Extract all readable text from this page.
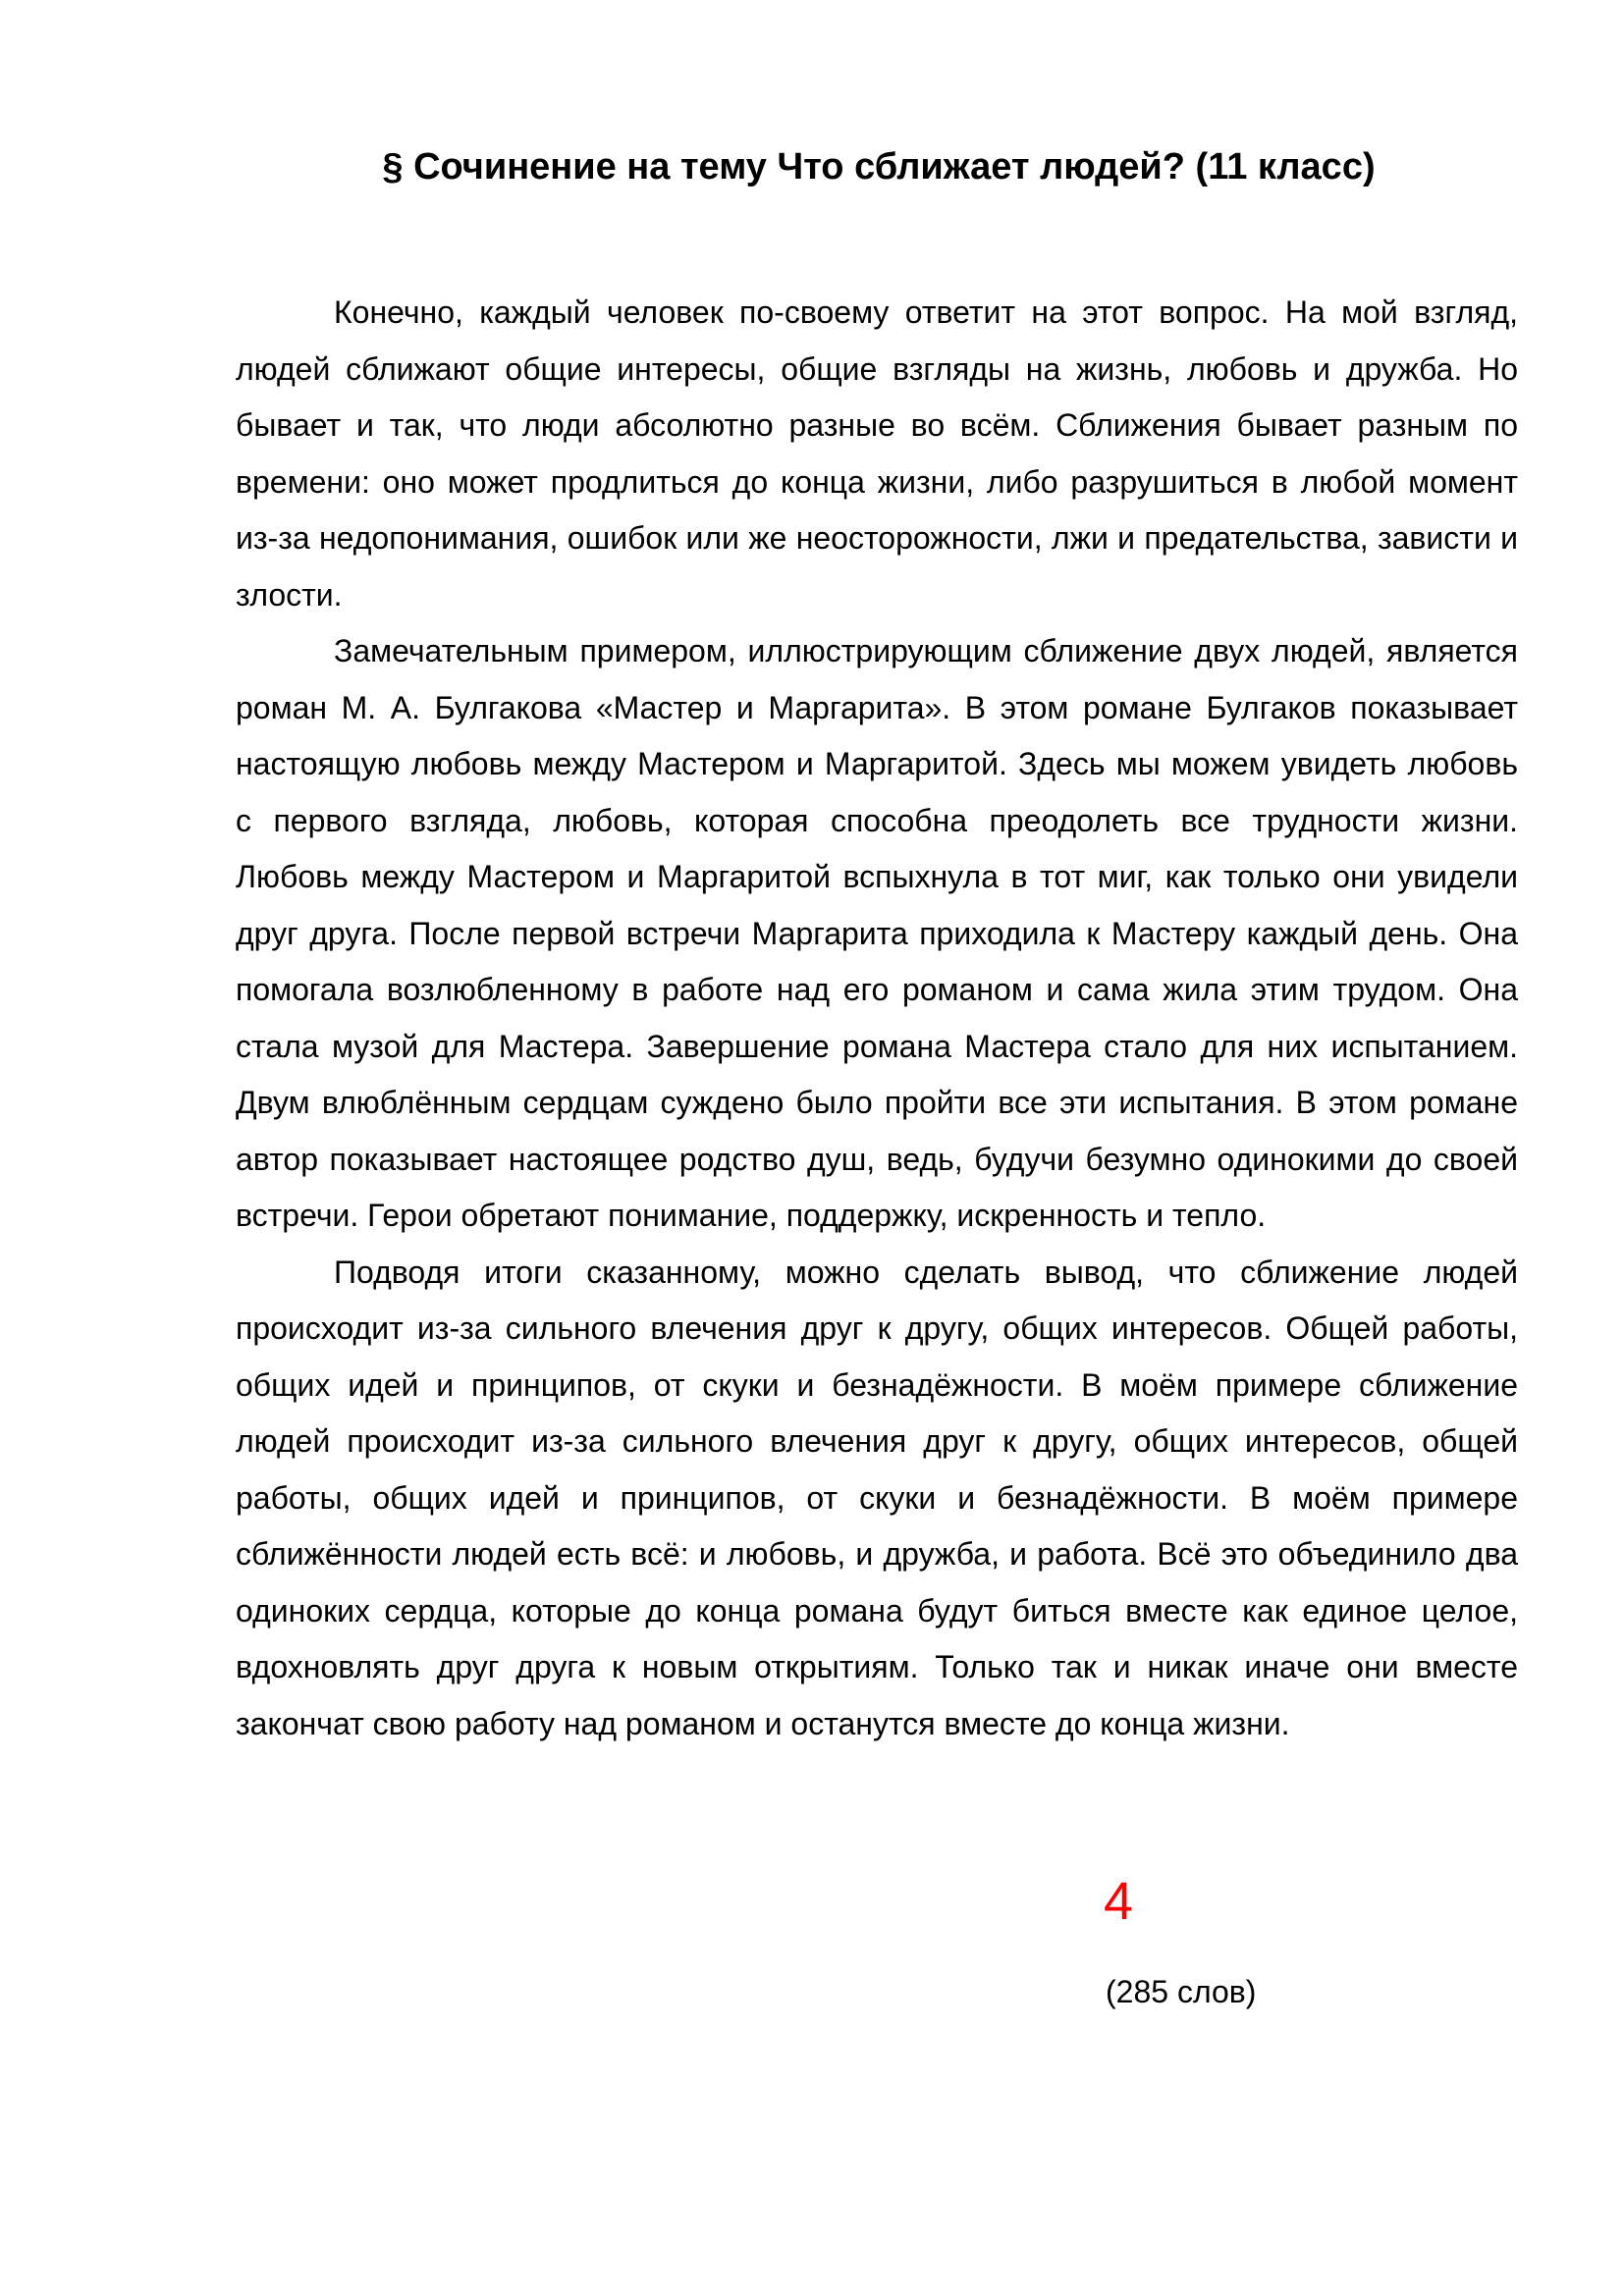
§ Сочинение на тему Что сближает людей? (11 класс)

Конечно, каждый человек по-своему ответит на этот вопрос. На мой взгляд, людей сближают общие интересы, общие взгляды на жизнь, любовь и дружба. Но бывает и так, что люди абсолютно разные во всём. Сближения бывает разным по времени: оно может продлиться до конца жизни, либо разрушиться в любой момент из-за недопонимания, ошибок или же неосторожности, лжи и предательства, зависти и злости.

Замечательным примером, иллюстрирующим сближение двух людей, является роман М. А. Булгакова «Мастер и Маргарита». В этом романе Булгаков показывает настоящую любовь между Мастером и Маргаритой. Здесь мы можем увидеть любовь с первого взгляда, любовь, которая способна преодолеть все трудности жизни. Любовь между Мастером и Маргаритой вспыхнула в тот миг, как только они увидели друг друга. После первой встречи Маргарита приходила к Мастеру каждый день. Она помогала возлюбленному в работе над его романом и сама жила этим трудом. Она стала музой для Мастера. Завершение романа Мастера стало для них испытанием. Двум влюблённым сердцам суждено было пройти все эти испытания. В этом романе автор показывает настоящее родство душ, ведь, будучи безумно одинокими до своей встречи. Герои обретают понимание, поддержку, искренность и тепло.

Подводя итоги сказанному, можно сделать вывод, что сближение людей происходит из-за сильного влечения друг к другу, общих интересов. Общей работы, общих идей и принципов, от скуки и безнадёжности. В моём примере сближение людей происходит из-за сильного влечения друг к другу, общих интересов, общей работы, общих идей и принципов, от скуки и безнадёжности. В моём примере сближённости людей есть всё: и любовь, и дружба, и работа. Всё это объединило два одиноких сердца, которые до конца романа будут биться вместе как единое целое, вдохновлять друг друга к новым открытиям. Только так и никак иначе они вместе закончат свою работу над романом и останутся вместе до конца жизни.

4

(285 слов)
